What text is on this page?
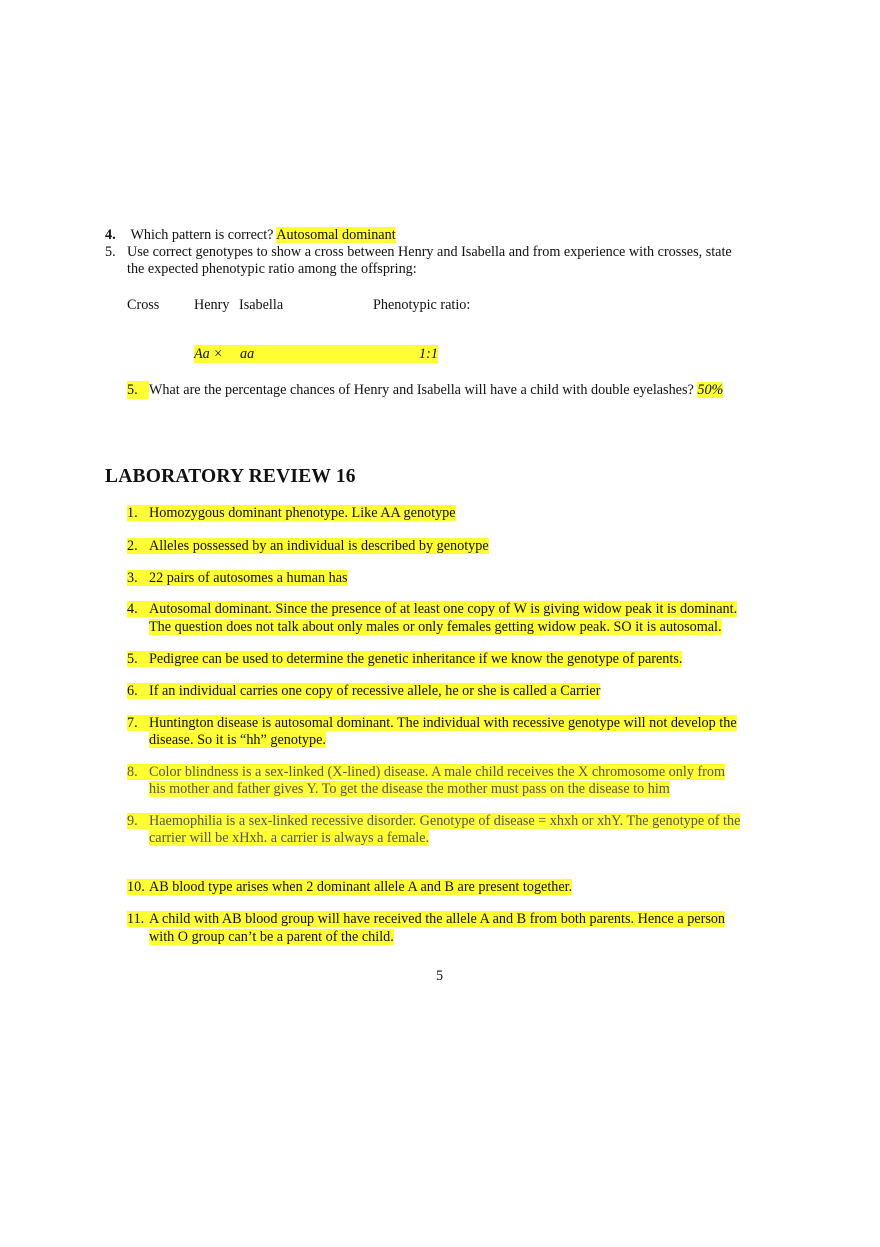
4. Which pattern is correct? Autosomal dominant
5. Use correct genotypes to show a cross between Henry and Isabella and from experience with crosses, state
the expected phenotypic ratio among the offspring:
Cross Henry Isabella	Phenotypic ratio:
Aa × aa	1:1
5. What are the percentage chances of Henry and Isabella will have a child with double eyelashes? 50%
LABORATORY REVIEW 16
1. Homozygous dominant phenotype. Like AA genotype
2. Alleles possessed by an individual is described by genotype
3. 22 pairs of autosomes a human has
4. Autosomal dominant. Since the presence of at least one copy of W is giving widow peak it is dominant.
The question does not talk about only males or only females getting widow peak. SO it is autosomal.
5. Pedigree can be used to determine the genetic inheritance if we know the genotype of parents.
6. If an individual carries one copy of recessive allele, he or she is called a Carrier
7. Huntington disease is autosomal dominant. The individual with recessive genotype will not develop the
disease. So it is “hh” genotype.
8. Color blindness is a sex-linked (X-lined) disease. A male child receives the X chromosome only from
his mother and father gives Y. To get the disease the mother must pass on the disease to him
9. Haemophilia is a sex-linked recessive disorder. Genotype of disease = xhxh or xhY. The genotype of the
carrier will be xHxh. a carrier is always a female.
10. AB blood type arises when 2 dominant allele A and B are present together.
11. A child with AB blood group will have received the allele A and B from both parents. Hence a person
with O group can’t be a parent of the child.
5
